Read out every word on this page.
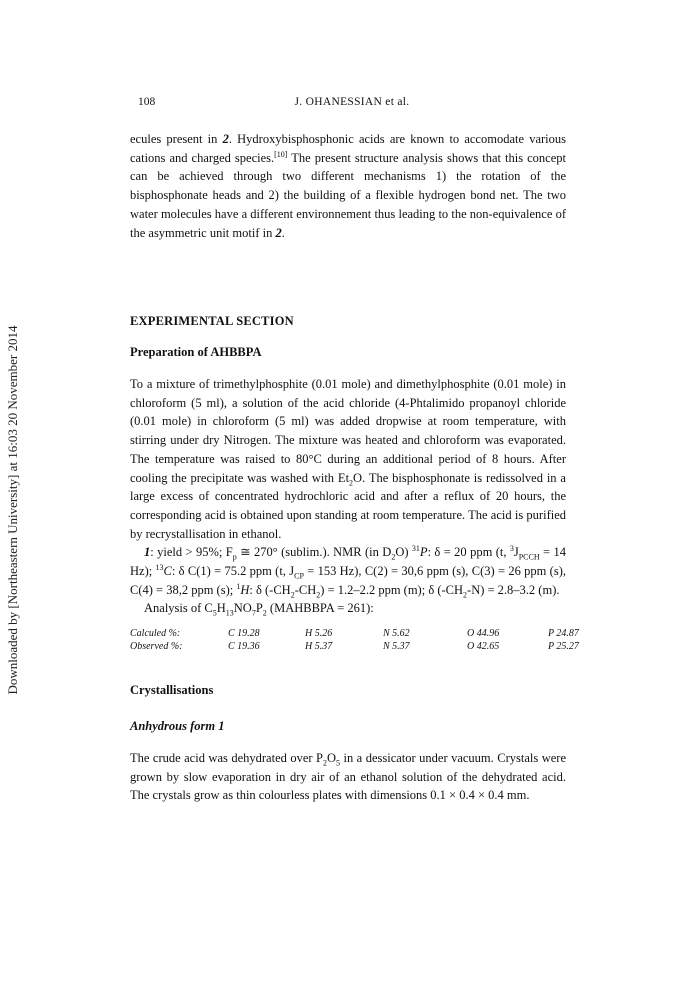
Downloaded by [Northeastern University] at 16:03 20 November 2014
108	J. OHANESSIAN et al.

ecules present in 2. Hydroxybisphosphonic acids are known to accomodate various cations and charged species.[10] The present structure analysis shows that this concept can be achieved through two different mechanisms 1) the rotation of the bisphosphonate heads and 2) the building of a flexible hydrogen bond net. The two water molecules have a different environnement thus leading to the non-equivalence of the asymmetric unit motif in 2.

EXPERIMENTAL SECTION
Preparation of AHBBPA

To a mixture of trimethylphosphite (0.01 mole) and dimethylphosphite (0.01 mole) in chloroform (5 ml), a solution of the acid chloride (4-Phtalimido propanoyl chloride (0.01 mole) in chloroform (5 ml) was added dropwise at room temperature, with stirring under dry Nitrogen. The mixture was heated and chloroform was evaporated. The temperature was raised to 80°C during an additional period of 8 hours. After cooling the precipitate was washed with $Et_2O$. The bisphosphonate is redissolved in a large excess of concentrated hydrochloric acid and after a reflux of 20 hours, the corresponding acid is obtained upon standing at room temperature. The acid is purified by recrystallisation in ethanol.

1: yield > 95%; $F_p$ ≅ 270° (sublim.). NMR (in $D_2O$) $^{31}$P: δ = 20 ppm (t, $^3J_{PCCH} = 14$ Hz); $^{13}$C: δ C(1) = 75.2 ppm (t, $J_{CP} = 153$ Hz), C(2) = 30,6 ppm (s), C(3) = 26 ppm (s), C(4) = 38,2 ppm (s); $^1$H: δ $(-CH_2-CH_2) = 1.2-2.2$ ppm (m); δ $(-CH_2-N) = 2.8-3.2$ (m).

Analysis of $C_5H_{13}NO_7P_2$ (MAHBBPA = 261):

Calculed %:	C 19.28	H 5.26	N 5.62	O 44.96	P 24.87
Observed %:	C 19.36	H 5.37	N 5.37	O 42.65	P 25.27
Crystallisations
Anhydrous form 1

The crude acid was dehydrated over $P_2O_5$ in a dessicator under vacuum. Crystals were grown by slow evaporation in dry air of an ethanol solution of the dehydrated acid. The crystals grow as thin colourless plates with dimensions 0.1 × 0.4 × 0.4 mm.
